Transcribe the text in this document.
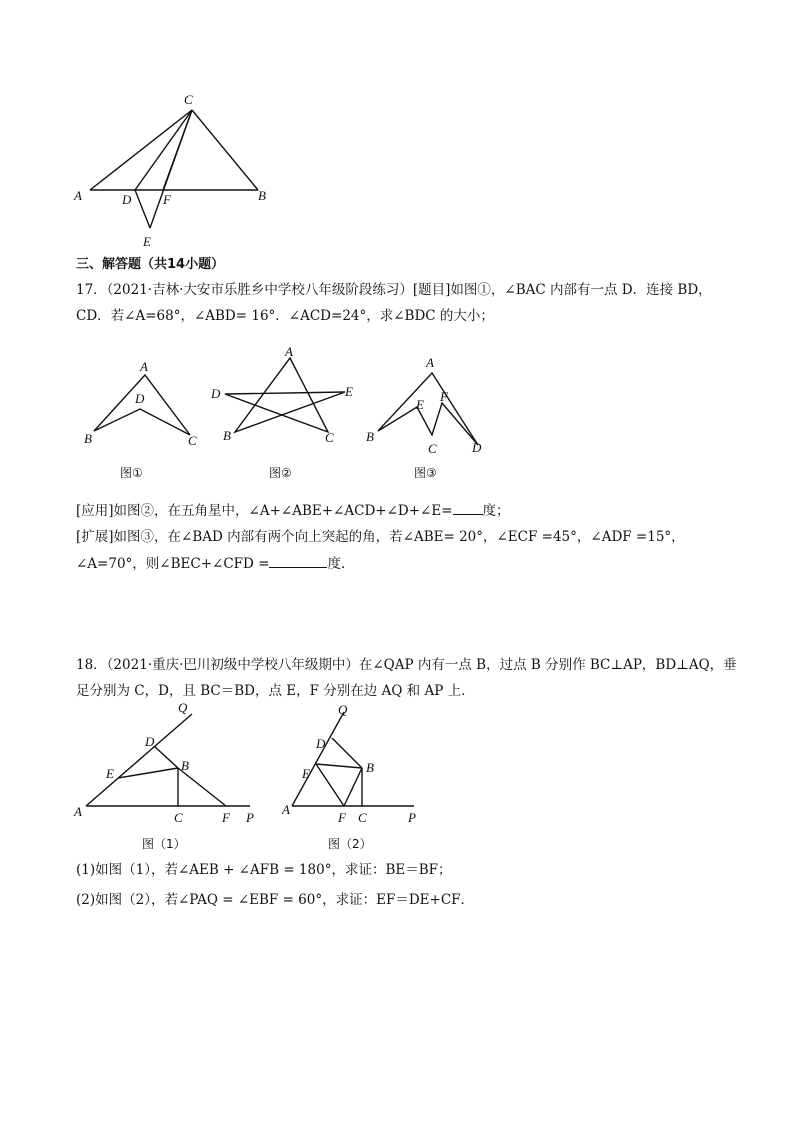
C
A	B
D F
E
三、解答题（共14小题）
17．（2021·吉林·大安市乐胜乡中学校八年级阶段练习）[题目]如图①，∠BAC 内部有一点 D．连接 BD，
CD．若∠A=68°，∠ABD= 16°．∠ACD=24°，求∠BDC 的大小；
A
D
B	C
图①
A
D	E
B	C
图②
A
E
F
B
C	D
图③
[应用]如图②，在五角星中，∠A+∠ABE+∠ACD+∠D+∠E= 度；
[扩展]如图③，在∠BAD 内部有两个向上突起的角，若∠ABE= 20°，∠ECF =45°，∠ADF =15°，
∠A=70°，则∠BEC+∠CFD =	度．
18．（2021·重庆·巴川初级中学校八年级期中）在∠QAP 内有一点 B，过点 B 分别作 BC⊥AP，BD⊥AQ，垂
足分别为 C，D，且 BC＝BD，点 E，F 分别在边 AQ 和 AP 上．
Q
D
E
B
A	C	F P
图（1）
Q
D
E	B
A
F C	P
图（2）
(1)如图（1），若∠AEB + ∠AFB = 180°，求证：BE＝BF；
(2)如图（2），若∠PAQ = ∠EBF = 60°，求证：EF＝DE+CF．
